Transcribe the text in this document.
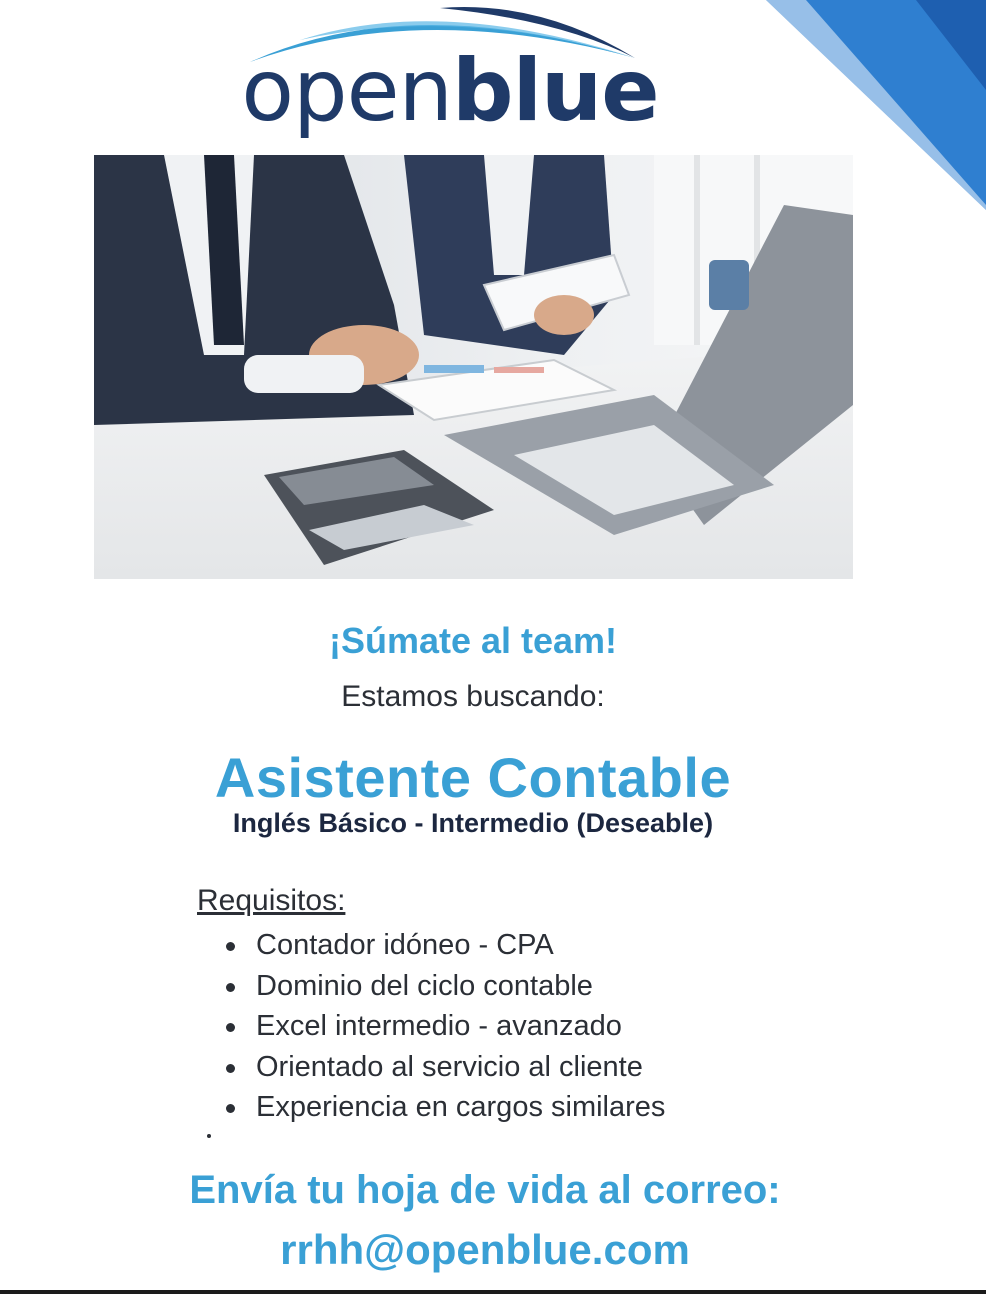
openblue
¡Súmate al team!
Estamos buscando:
Asistente Contable
Inglés Básico - Intermedio (Deseable)
Requisitos:
Contador idóneo - CPA
Dominio del ciclo contable
Excel intermedio - avanzado
Orientado al servicio al cliente
Experiencia en cargos similares
Envía tu hoja de vida al correo:
rrhh@openblue.com
